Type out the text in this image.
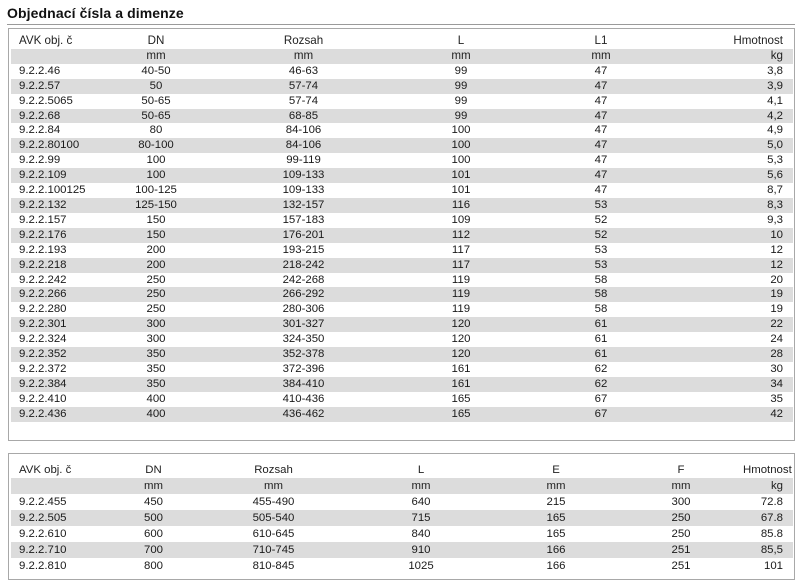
Objednací čísla a dimenze
AVK obj. č	DN	Rozsah	L	L1	Hmotnost
	mm	mm	mm	mm	kg
9.2.2.46	40-50	46-63	99	47	3,8
9.2.2.57	50	57-74	99	47	3,9
9.2.2.5065	50-65	57-74	99	47	4,1
9.2.2.68	50-65	68-85	99	47	4,2
9.2.2.84	80	84-106	100	47	4,9
9.2.2.80100	80-100	84-106	100	47	5,0
9.2.2.99	100	99-119	100	47	5,3
9.2.2.109	100	109-133	101	47	5,6
9.2.2.100125	100-125	109-133	101	47	8,7
9.2.2.132	125-150	132-157	116	53	8,3
9.2.2.157	150	157-183	109	52	9,3
9.2.2.176	150	176-201	112	52	10
9.2.2.193	200	193-215	117	53	12
9.2.2.218	200	218-242	117	53	12
9.2.2.242	250	242-268	119	58	20
9.2.2.266	250	266-292	119	58	19
9.2.2.280	250	280-306	119	58	19
9.2.2.301	300	301-327	120	61	22
9.2.2.324	300	324-350	120	61	24
9.2.2.352	350	352-378	120	61	28
9.2.2.372	350	372-396	161	62	30
9.2.2.384	350	384-410	161	62	34
9.2.2.410	400	410-436	165	67	35
9.2.2.436	400	436-462	165	67	42
AVK obj. č	DN	Rozsah	L	E	F	Hmotnost
	mm	mm	mm	mm	mm	kg
9.2.2.455	450	455-490	640	215	300	72.8
9.2.2.505	500	505-540	715	165	250	67.8
9.2.2.610	600	610-645	840	165	250	85.8
9.2.2.710	700	710-745	910	166	251	85,5
9.2.2.810	800	810-845	1025	166	251	101
